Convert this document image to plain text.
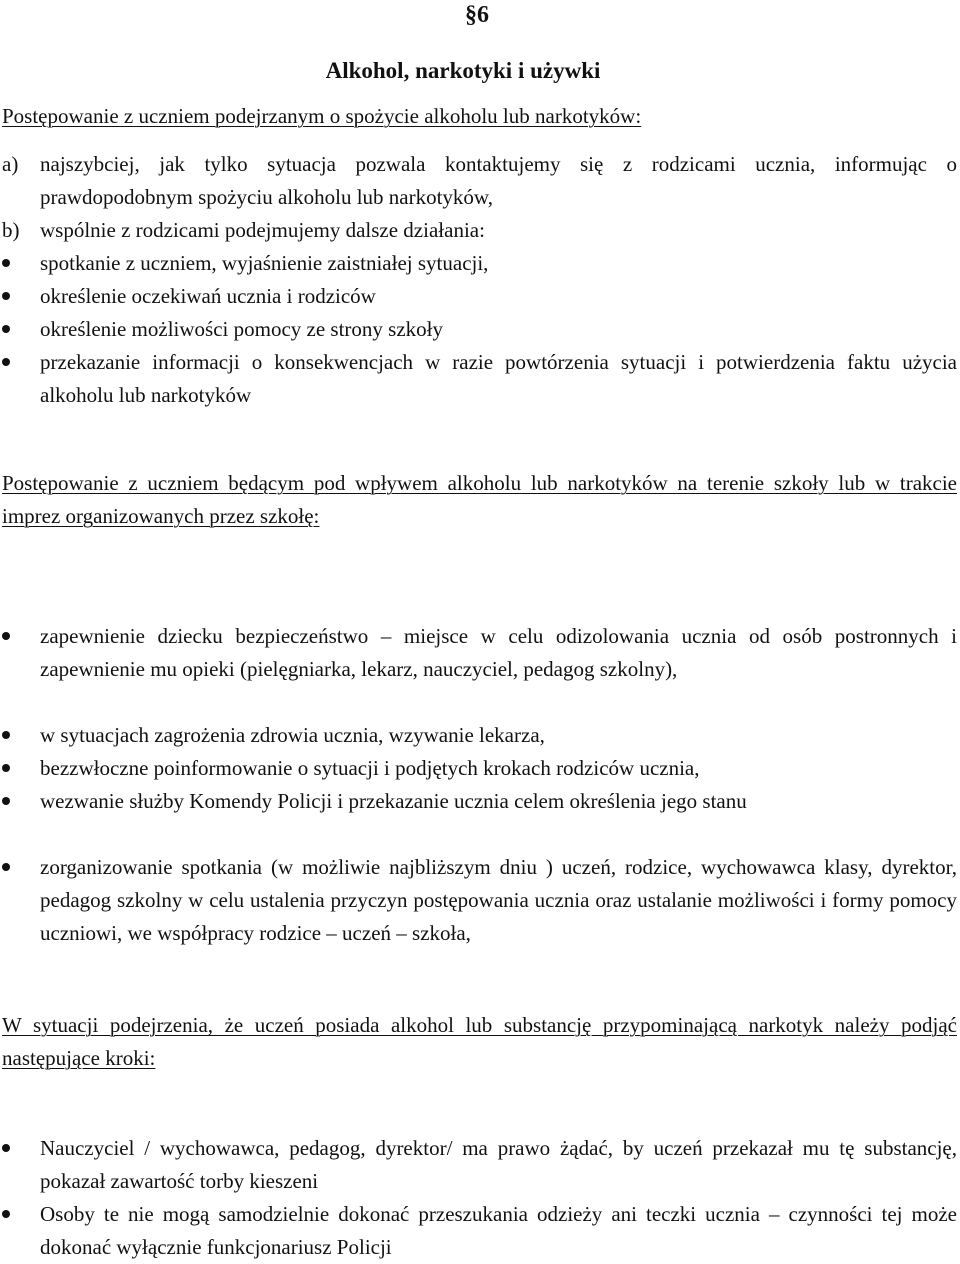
§6
Alkohol, narkotyki i używki
Postępowanie z uczniem podejrzanym o spożycie alkoholu lub narkotyków:
a)	najszybciej, jak tylko sytuacja pozwala kontaktujemy się z rodzicami ucznia, informując o prawdopodobnym spożyciu alkoholu lub narkotyków,
b) wspólnie z rodzicami podejmujemy dalsze działania:
spotkanie z uczniem, wyjaśnienie zaistniałej sytuacji,
określenie oczekiwań ucznia i rodziców
określenie możliwości pomocy ze strony szkoły
przekazanie informacji o konsekwencjach w razie powtórzenia sytuacji i potwierdzenia faktu użycia alkoholu lub narkotyków
Postępowanie z uczniem będącym pod wpływem alkoholu lub narkotyków na terenie szkoły lub w trakcie imprez organizowanych przez szkołę:
zapewnienie dziecku bezpieczeństwo – miejsce w celu odizolowania ucznia od osób postronnych i zapewnienie mu opieki (pielęgniarka, lekarz, nauczyciel, pedagog szkolny),
w sytuacjach zagrożenia zdrowia ucznia, wzywanie lekarza,
bezzwłoczne poinformowanie o sytuacji i podjętych krokach rodziców ucznia,
wezwanie służby Komendy Policji i przekazanie ucznia celem określenia jego stanu
zorganizowanie spotkania (w możliwie najbliższym dniu ) uczeń, rodzice, wychowawca klasy, dyrektor, pedagog szkolny w celu ustalenia przyczyn postępowania ucznia oraz ustalanie możliwości i formy pomocy uczniowi, we współpracy rodzice – uczeń – szkoła,
W sytuacji podejrzenia, że uczeń posiada alkohol lub substancję przypominającą narkotyk należy podjąć następujące kroki:
Nauczyciel / wychowawca, pedagog, dyrektor/ ma prawo żądać, by uczeń przekazał mu tę substancję, pokazał zawartość torby kieszeni
Osoby te nie mogą samodzielnie dokonać przeszukania odzieży ani teczki ucznia – czynności tej może dokonać wyłącznie funkcjonariusz Policji
